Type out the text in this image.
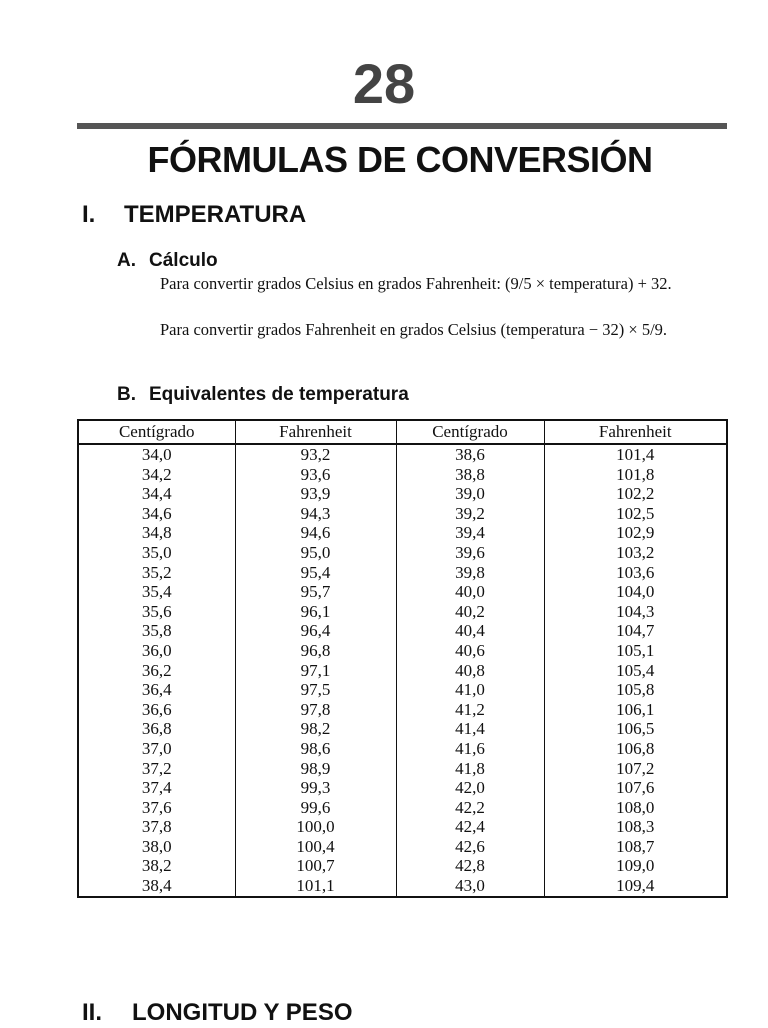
28
FÓRMULAS DE CONVERSIÓN
I. TEMPERATURA
A. Cálculo
Para convertir grados Celsius en grados Fahrenheit: (9/5 × temperatura) + 32.
Para convertir grados Fahrenheit en grados Celsius (temperatura − 32) × 5/9.
B. Equivalentes de temperatura
Centígrado	Fahrenheit	Centígrado	Fahrenheit
34,0	93,2	38,6	101,4
34,2	93,6	38,8	101,8
34,4	93,9	39,0	102,2
34,6	94,3	39,2	102,5
34,8	94,6	39,4	102,9
35,0	95,0	39,6	103,2
35,2	95,4	39,8	103,6
35,4	95,7	40,0	104,0
35,6	96,1	40,2	104,3
35,8	96,4	40,4	104,7
36,0	96,8	40,6	105,1
36,2	97,1	40,8	105,4
36,4	97,5	41,0	105,8
36,6	97,8	41,2	106,1
36,8	98,2	41,4	106,5
37,0	98,6	41,6	106,8
37,2	98,9	41,8	107,2
37,4	99,3	42,0	107,6
37,6	99,6	42,2	108,0
37,8	100,0	42,4	108,3
38,0	100,4	42,6	108,7
38,2	100,7	42,8	109,0
38,4	101,1	43,0	109,4
II. LONGITUD Y PESO
